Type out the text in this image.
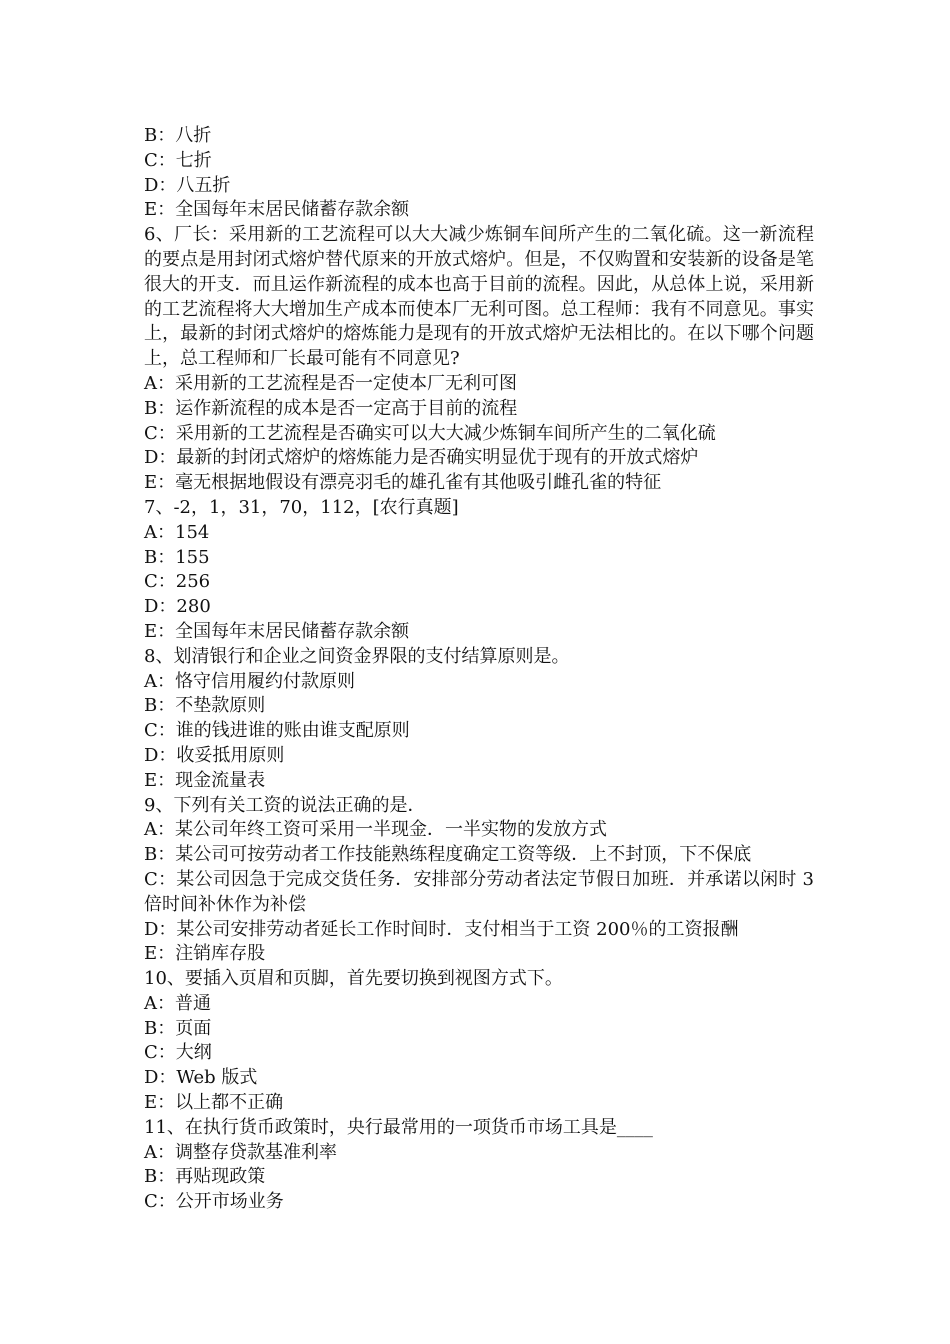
B：八折
C：七折
D：八五折
E：全国每年末居民储蓄存款余额
6、厂长：采用新的工艺流程可以大大减少炼铜车间所产生的二氧化硫。这一新流程的要点是用封闭式熔炉替代原来的开放式熔炉。但是，不仅购置和安装新的设备是笔很大的开支．而且运作新流程的成本也高于目前的流程。因此，从总体上说，采用新的工艺流程将大大增加生产成本而使本厂无利可图。总工程师：我有不同意见。事实上，最新的封闭式熔炉的熔炼能力是现有的开放式熔炉无法相比的。在以下哪个问题上，总工程师和厂长最可能有不同意见?
A：采用新的工艺流程是否一定使本厂无利可图
B：运作新流程的成本是否一定高于目前的流程
C：采用新的工艺流程是否确实可以大大减少炼铜车间所产生的二氧化硫
D：最新的封闭式熔炉的熔炼能力是否确实明显优于现有的开放式熔炉
E：毫无根据地假设有漂亮羽毛的雄孔雀有其他吸引雌孔雀的特征
7、-2，1，31，70，112，[农行真题]
A：154
B：155
C：256
D：280
E：全国每年末居民储蓄存款余额
8、划清银行和企业之间资金界限的支付结算原则是。
A：恪守信用履约付款原则
B：不垫款原则
C：谁的钱进谁的账由谁支配原则
D：收妥抵用原则
E：现金流量表
9、下列有关工资的说法正确的是．
A：某公司年终工资可采用一半现金．一半实物的发放方式
B：某公司可按劳动者工作技能熟练程度确定工资等级．上不封顶，下不保底
C：某公司因急于完成交货任务．安排部分劳动者法定节假日加班．并承诺以闲时 3 倍时间补休作为补偿
D：某公司安排劳动者延长工作时间时．支付相当于工资 200％的工资报酬
E：注销库存股
10、要插入页眉和页脚，首先要切换到视图方式下。
A：普通
B：页面
C：大纲
D：Web 版式
E：以上都不正确
11、在执行货币政策时，央行最常用的一项货币市场工具是____
A：调整存贷款基准利率
B：再贴现政策
C：公开市场业务
